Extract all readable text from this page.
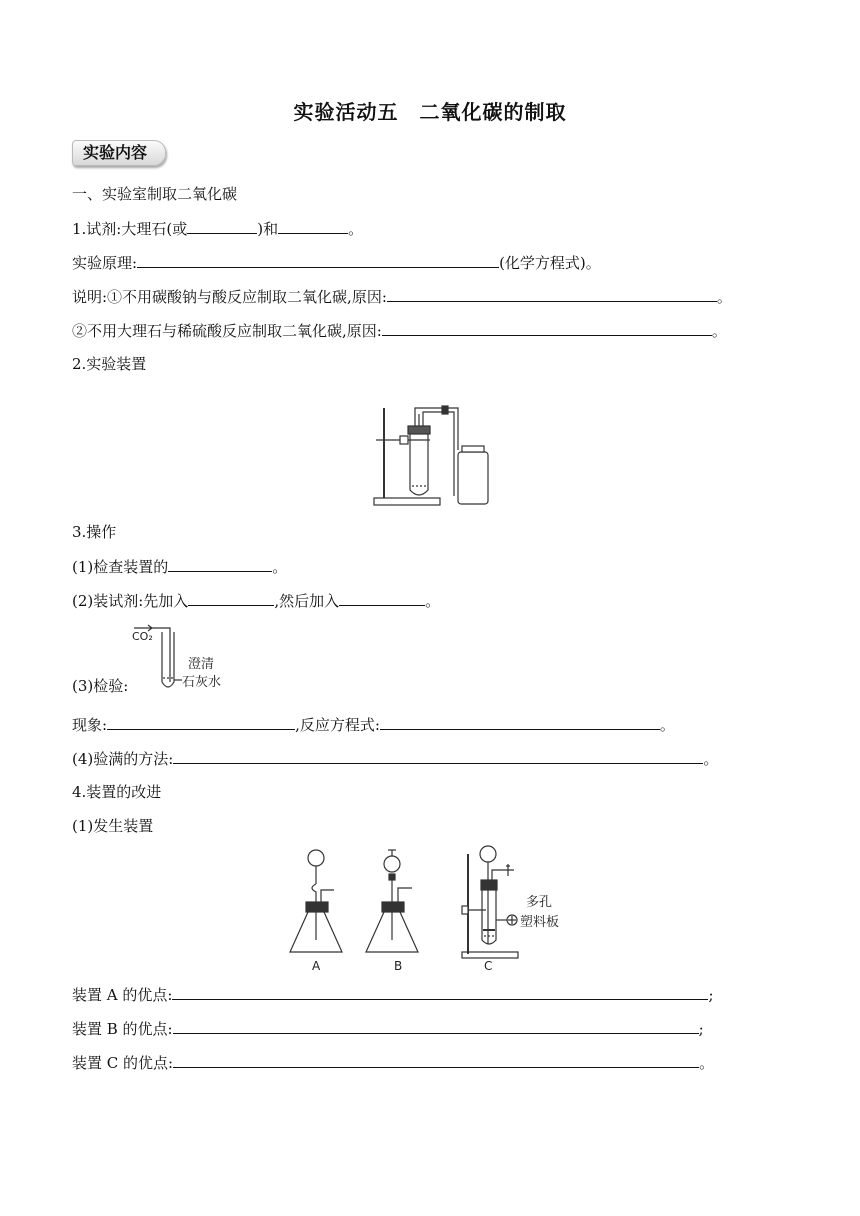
实验活动五　二氧化碳的制取
实验内容
一、实验室制取二氧化碳
1.试剂:大理石(或	)和	。
实验原理:	(化学方程式)。
说明:①不用碳酸钠与酸反应制取二氧化碳,原因:	。
②不用大理石与稀硫酸反应制取二氧化碳,原因:	。
2.实验装置
3.操作
(1)检查装置的	。
(2)装试剂:先加入	,然后加入	。
(3)检验:
CO₂
澄清
石灰水
现象:	,反应方程式:	。
(4)验满的方法:	。
4.装置的改进
(1)发生装置
A	B	C
多孔
塑料板
装置 A 的优点:	;
装置 B 的优点:	;
装置 C 的优点:	。
